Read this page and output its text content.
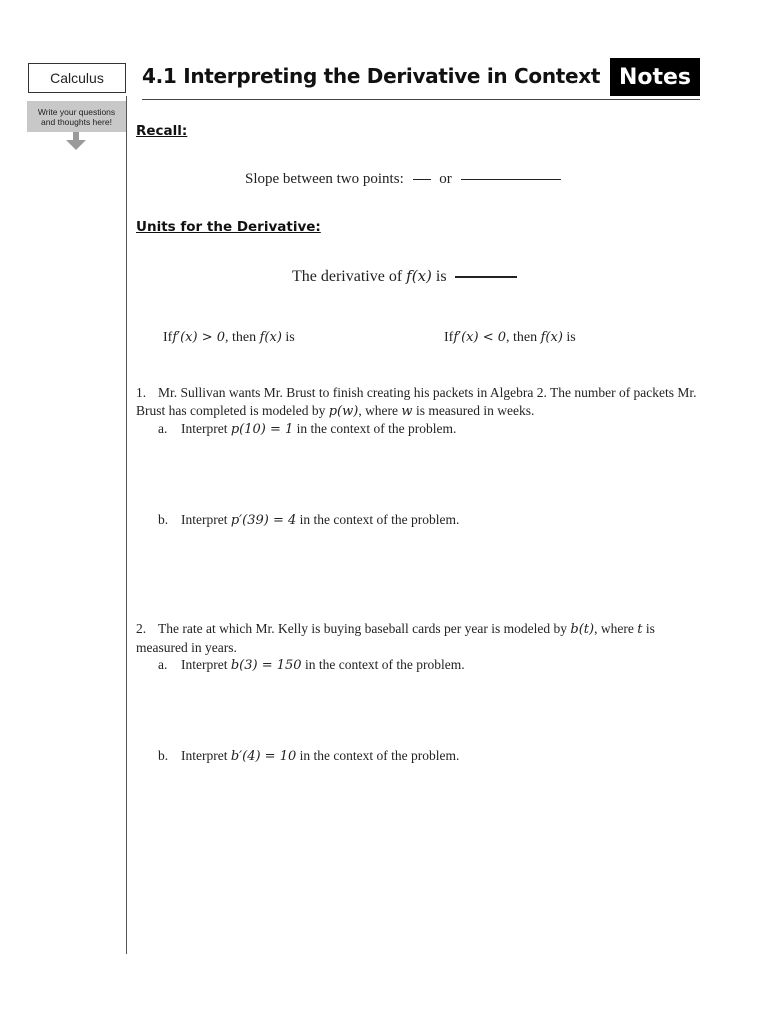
Calculus	4.1 Interpreting the Derivative in Context Notes
Write your questions and thoughts here!
Recall:
Slope between two points: or
Units for the Derivative:
The derivative of f(x) is
Iff′(x) > 0, then f(x) is	Iff′(x) < 0, then f(x) is
1. Mr. Sullivan wants Mr. Brust to finish creating his packets in Algebra 2. The number of packets Mr. Brust has completed is modeled by p(w), where w is measured in weeks.
a. Interpret p(10) = 1 in the context of the problem.
b. Interpret p′(39) = 4 in the context of the problem.
2. The rate at which Mr. Kelly is buying baseball cards per year is modeled by b(t), where t is measured in years.
a. Interpret b(3) = 150 in the context of the problem.
b. Interpret b′(4) = 10 in the context of the problem.
